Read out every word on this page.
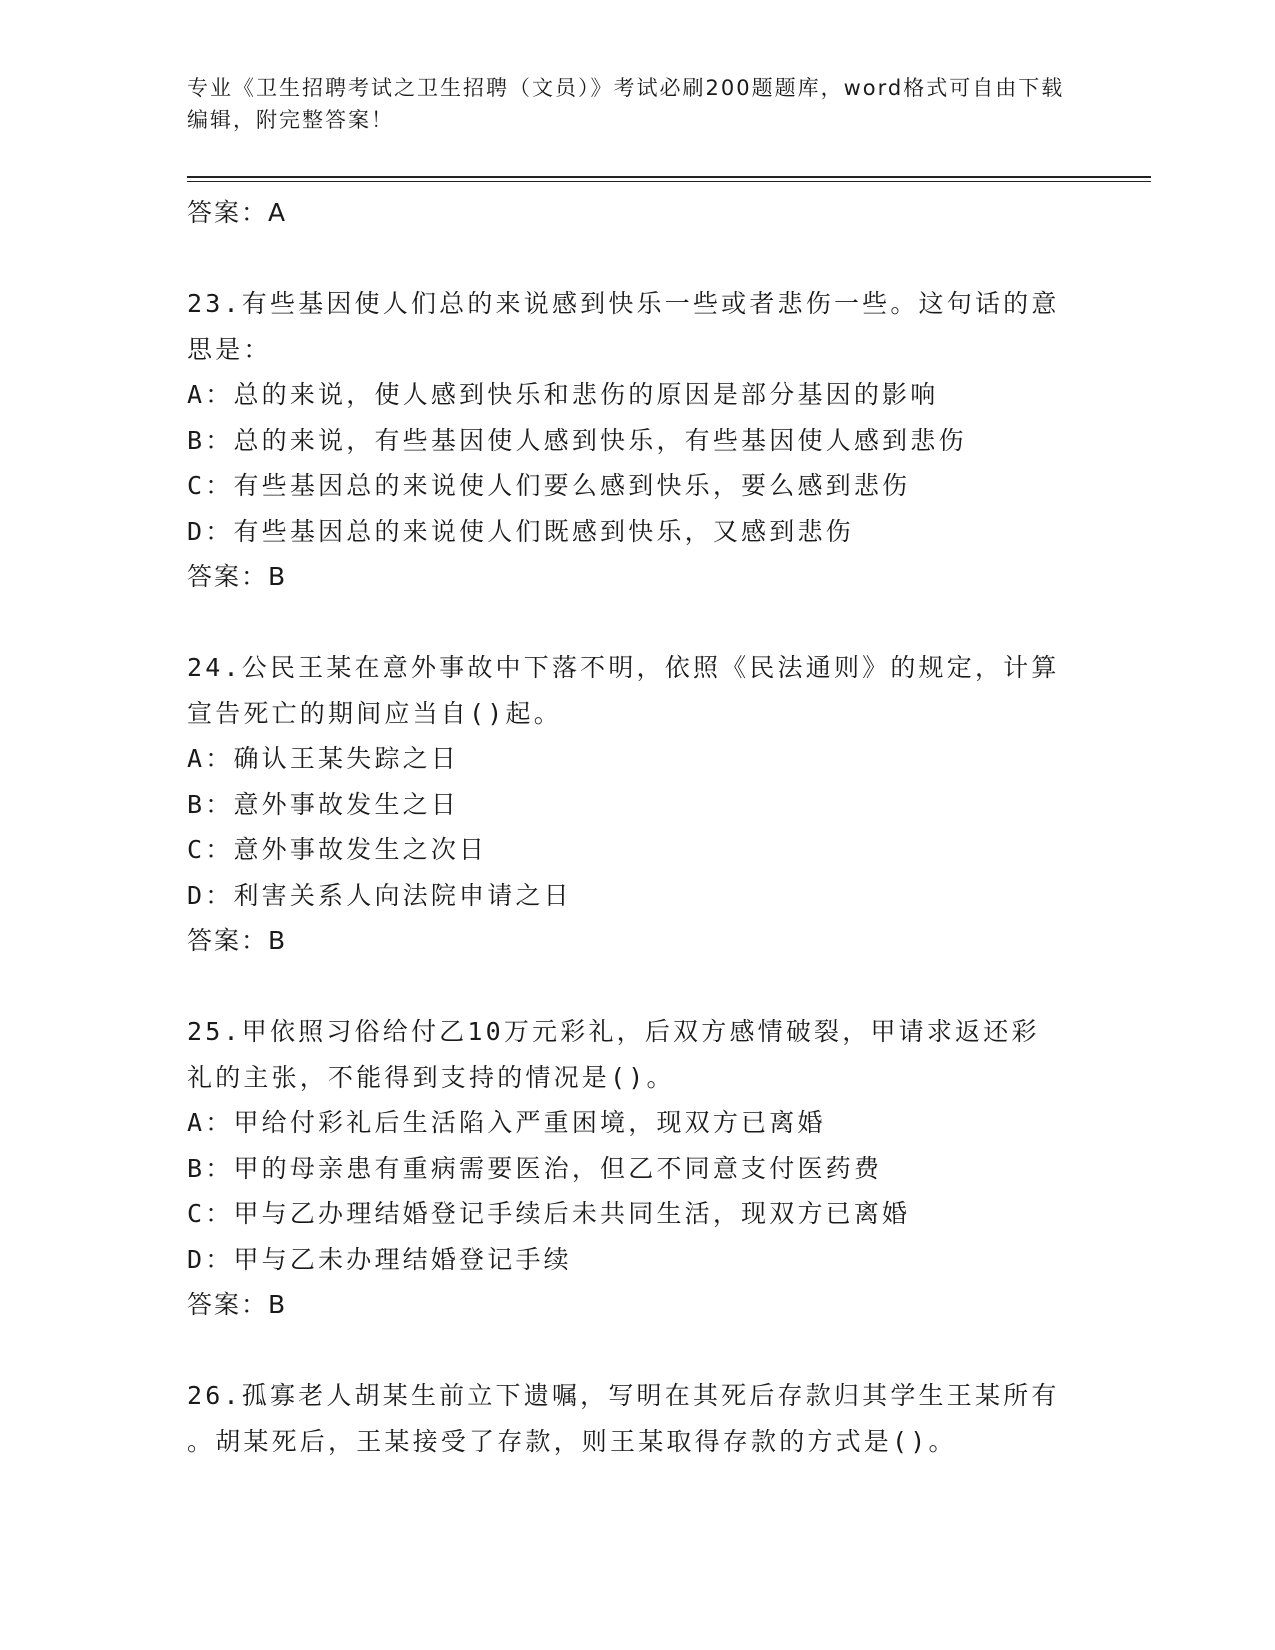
专业《卫生招聘考试之卫生招聘（文员）》考试必刷200题题库，word格式可自由下载编辑，附完整答案！
答案：A
23.有些基因使人们总的来说感到快乐一些或者悲伤一些。这句话的意
思是：
A：总的来说，使人感到快乐和悲伤的原因是部分基因的影响
B：总的来说，有些基因使人感到快乐，有些基因使人感到悲伤
C：有些基因总的来说使人们要么感到快乐，要么感到悲伤
D：有些基因总的来说使人们既感到快乐，又感到悲伤
答案：B
24.公民王某在意外事故中下落不明，依照《民法通则》的规定，计算
宣告死亡的期间应当自()起。
A：确认王某失踪之日
B：意外事故发生之日
C：意外事故发生之次日
D：利害关系人向法院申请之日
答案：B
25.甲依照习俗给付乙10万元彩礼，后双方感情破裂，甲请求返还彩
礼的主张，不能得到支持的情况是()。
A：甲给付彩礼后生活陷入严重困境，现双方已离婚
B：甲的母亲患有重病需要医治，但乙不同意支付医药费
C：甲与乙办理结婚登记手续后未共同生活，现双方已离婚
D：甲与乙未办理结婚登记手续
答案：B
26.孤寡老人胡某生前立下遗嘱，写明在其死后存款归其学生王某所有
。胡某死后，王某接受了存款，则王某取得存款的方式是()。
